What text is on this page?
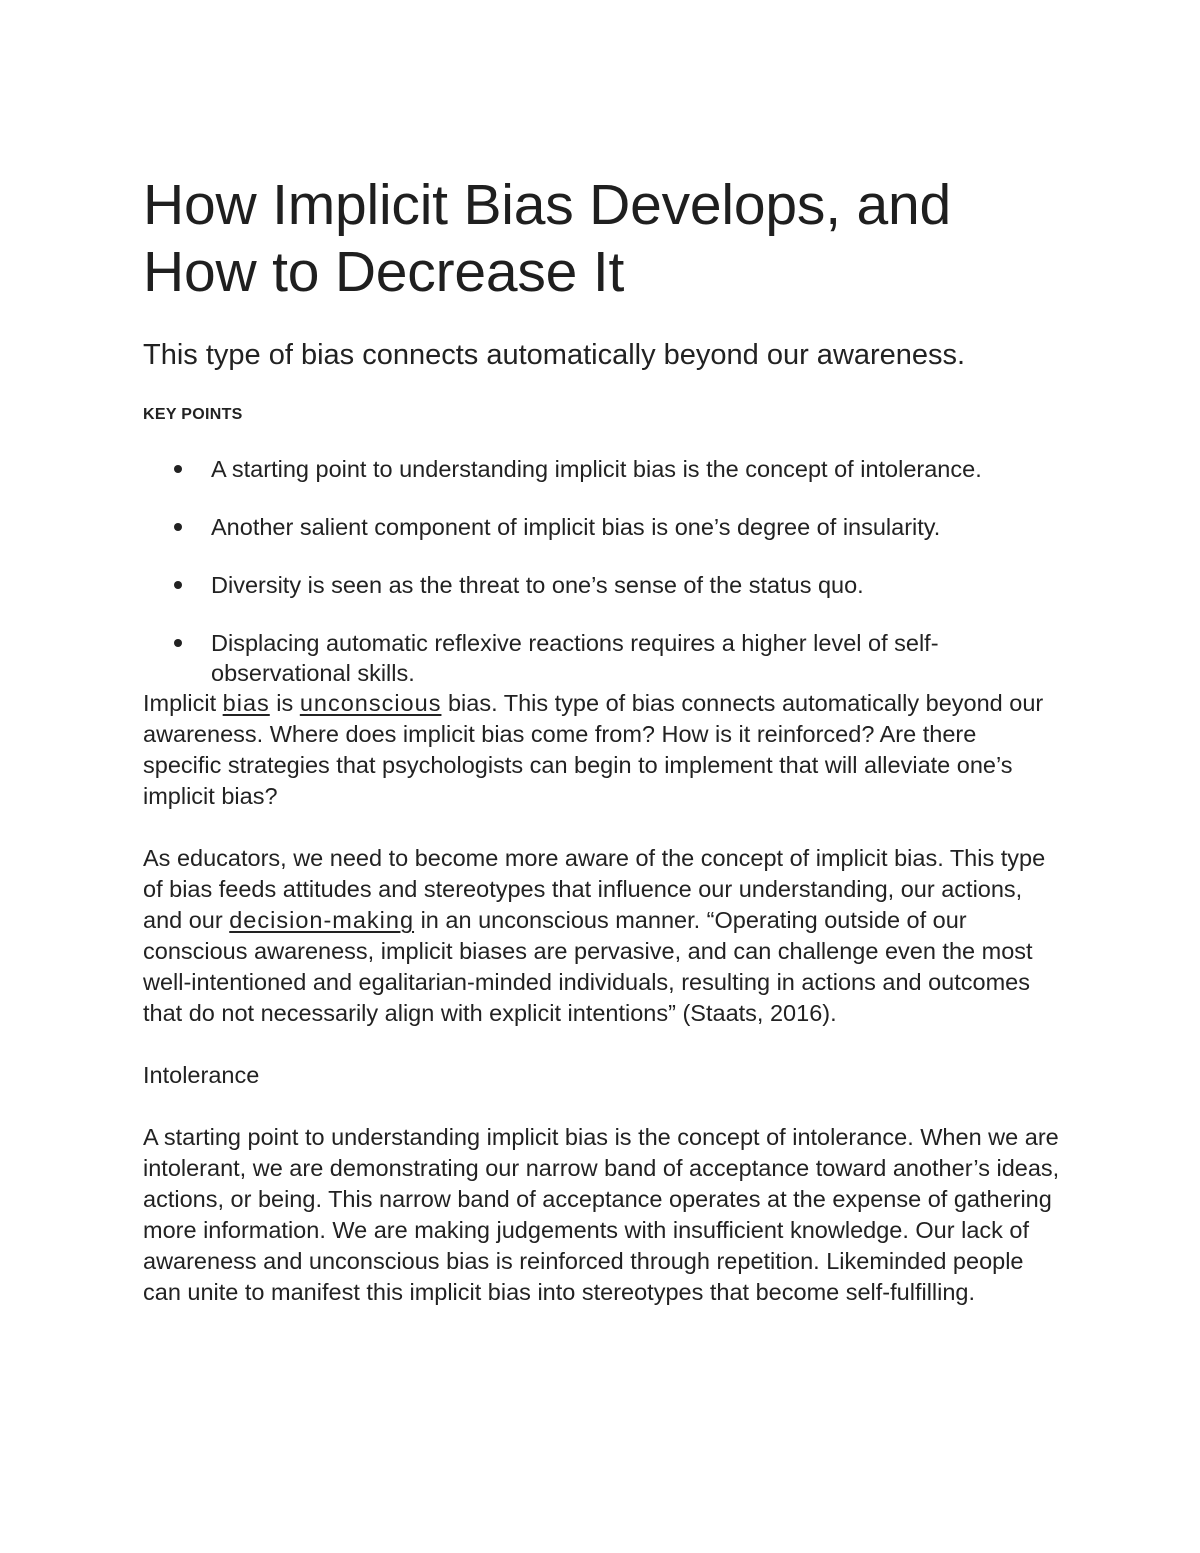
How Implicit Bias Develops, and
How to Decrease It

This type of bias connects automatically beyond our awareness.

KEY POINTS

A starting point to understanding implicit bias is the concept of intolerance.
Another salient component of implicit bias is one’s degree of insularity.
Diversity is seen as the threat to one’s sense of the status quo.
Displacing automatic reflexive reactions requires a higher level of self-observational skills.

Implicit bias is unconscious bias. This type of bias connects automatically beyond our awareness. Where does implicit bias come from? How is it reinforced? Are there specific strategies that psychologists can begin to implement that will alleviate one’s implicit bias?

As educators, we need to become more aware of the concept of implicit bias. This type of bias feeds attitudes and stereotypes that influence our understanding, our actions, and our decision-making in an unconscious manner. “Operating outside of our conscious awareness, implicit biases are pervasive, and can challenge even the most well-intentioned and egalitarian-minded individuals, resulting in actions and outcomes that do not necessarily align with explicit intentions” (Staats, 2016).

Intolerance

A starting point to understanding implicit bias is the concept of intolerance. When we are intolerant, we are demonstrating our narrow band of acceptance toward another’s ideas, actions, or being. This narrow band of acceptance operates at the expense of gathering more information. We are making judgements with insufficient knowledge. Our lack of awareness and unconscious bias is reinforced through repetition. Likeminded people can unite to manifest this implicit bias into stereotypes that become self-fulfilling.
